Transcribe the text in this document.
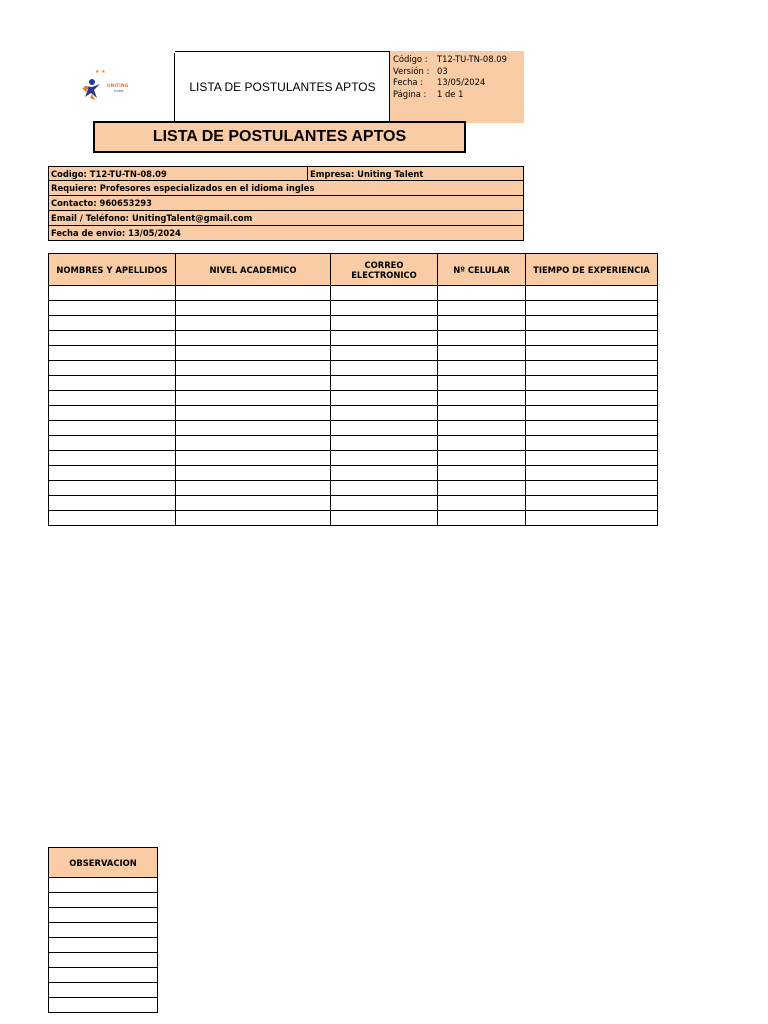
★ ★
UNITING
TALENT	LISTA DE POSTULANTES APTOS
Código :	T12-TU-TN-08.09
Versión : 03
Fecha :	13/05/2024
Página :	1 de 1
LISTA DE POSTULANTES APTOS
Codigo: T12-TU-TN-08.09	Empresa: Uniting Talent
Requiere: Profesores especializados en el idioma ingles
Contacto: 960653293
Email / Teléfono: UnitingTalent@gmail.com
Fecha de envio: 13/05/2024
NOMBRES Y APELLIDOS	NIVEL ACADEMICO	CORREO ELECTRONICO	Nº CELULAR	TIEMPO DE EXPERIENCIA

OBSERVACION
